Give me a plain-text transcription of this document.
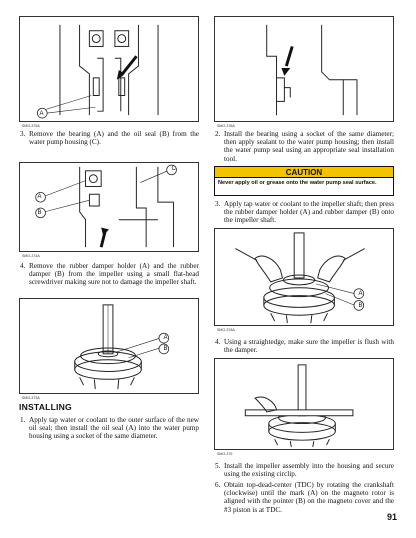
A
SMO-375A
3. Remove the bearing (A) and the oil seal (B) from the water pump housing (C).
A
B
C
SMO-374A
4. Remove the rubber damper holder (A) and the rubber damper (B) from the impeller using a small flat-head screwdriver making sure not to damage the impeller shaft.
A
B
SMO-373A
INSTALLING
1. Apply tap water or coolant to the outer surface of the new oil seal; then install the oil seal (A) into the water pump housing using a socket of the same diameter.
SMO-376A
2. Install the bearing using a socket of the same diameter; then apply sealant to the water pump housing; then install the water pump seal using an appropriate seal installation tool.
CAUTION
Never apply oil or grease onto the water pump seal surface.
3. Apply tap water or coolant to the impeller shaft; then press the rubber damper holder (A) and rubber damper (B) onto the impeller shaft.
A
B
SMO-378A
4. Using a straightedge, make sure the impeller is flush with the damper.
SMO-379
5. Install the impeller assembly into the housing and secure using the existing circlip.
6. Obtain top-dead-center (TDC) by rotating the crankshaft (clockwise) until the mark (A) on the magneto rotor is aligned with the pointer (B) on the magneto cover and the #3 piston is at TDC.
91
